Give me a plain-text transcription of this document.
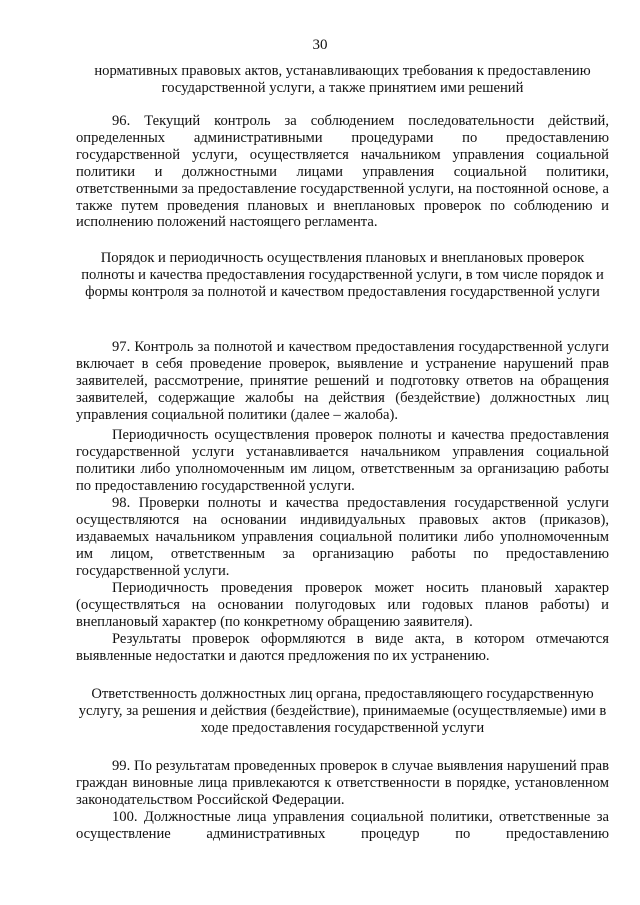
30

нормативных правовых актов, устанавливающих требования к предоставлению государственной услуги, а также принятием ими решений

96. Текущий контроль за соблюдением последовательности действий, определенных административными процедурами по предоставлению государственной услуги, осуществляется начальником управления социальной политики и должностными лицами управления социальной политики, ответственными за предоставление государственной услуги, на постоянной основе, а также путем проведения плановых и внеплановых проверок по соблюдению и исполнению положений настоящего регламента.

Порядок и периодичность осуществления плановых и внеплановых проверок полноты и качества предоставления государственной услуги, в том числе порядок и формы контроля за полнотой и качеством предоставления государственной услуги

97. Контроль за полнотой и качеством предоставления государственной услуги включает в себя проведение проверок, выявление и устранение нарушений прав заявителей, рассмотрение, принятие решений и подготовку ответов на обращения заявителей, содержащие жалобы на действия (бездействие) должностных лиц управления социальной политики (далее – жалоба).

Периодичность осуществления проверок полноты и качества предоставления государственной услуги устанавливается начальником управления социальной политики либо уполномоченным им лицом, ответственным за организацию работы по предоставлению государственной услуги.

98. Проверки полноты и качества предоставления государственной услуги осуществляются на основании индивидуальных правовых актов (приказов), издаваемых начальником управления социальной политики либо уполномоченным им лицом, ответственным за организацию работы по предоставлению государственной услуги.

Периодичность проведения проверок может носить плановый характер (осуществляться на основании полугодовых или годовых планов работы) и внеплановый характер (по конкретному обращению заявителя).

Результаты проверок оформляются в виде акта, в котором отмечаются выявленные недостатки и даются предложения по их устранению.

Ответственность должностных лиц органа, предоставляющего государственную услугу, за решения и действия (бездействие), принимаемые (осуществляемые) ими в ходе предоставления государственной услуги

99. По результатам проведенных проверок в случае выявления нарушений прав граждан виновные лица привлекаются к ответственности в порядке, установленном законодательством Российской Федерации.

100. Должностные лица управления социальной политики, ответственные за осуществление административных процедур по предоставлению
